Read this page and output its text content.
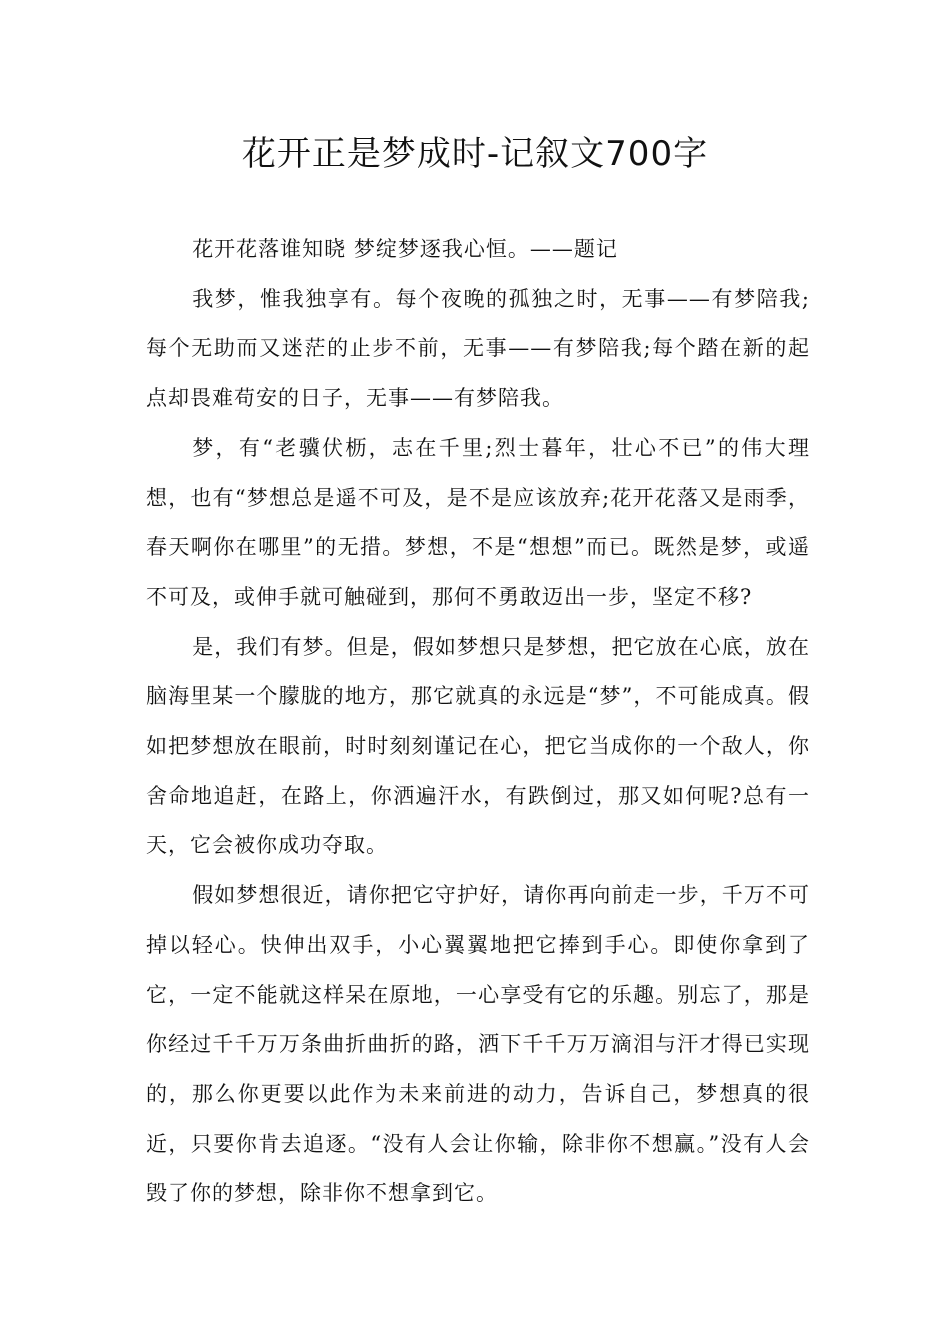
花开正是梦成时-记叙文700字

花开花落谁知晓 梦绽梦逐我心恒。——题记

我梦，惟我独享有。每个夜晚的孤独之时，无事——有梦陪我;每个无助而又迷茫的止步不前，无事——有梦陪我;每个踏在新的起点却畏难苟安的日子，无事——有梦陪我。

梦，有“老骥伏枥，志在千里;烈士暮年，壮心不已”的伟大理想，也有“梦想总是遥不可及，是不是应该放弃;花开花落又是雨季，春天啊你在哪里”的无措。梦想，不是“想想”而已。既然是梦，或遥不可及，或伸手就可触碰到，那何不勇敢迈出一步，坚定不移?

是，我们有梦。但是，假如梦想只是梦想，把它放在心底，放在脑海里某一个朦胧的地方，那它就真的永远是“梦”，不可能成真。假如把梦想放在眼前，时时刻刻谨记在心，把它当成你的一个敌人，你舍命地追赶，在路上，你洒遍汗水，有跌倒过，那又如何呢?总有一天，它会被你成功夺取。

假如梦想很近，请你把它守护好，请你再向前走一步，千万不可掉以轻心。快伸出双手，小心翼翼地把它捧到手心。即使你拿到了它，一定不能就这样呆在原地，一心享受有它的乐趣。别忘了，那是你经过千千万万条曲折曲折的路，洒下千千万万滴泪与汗才得已实现的，那么你更要以此作为未来前进的动力，告诉自己，梦想真的很近，只要你肯去追逐。“没有人会让你输，除非你不想赢。”没有人会毁了你的梦想，除非你不想拿到它。
